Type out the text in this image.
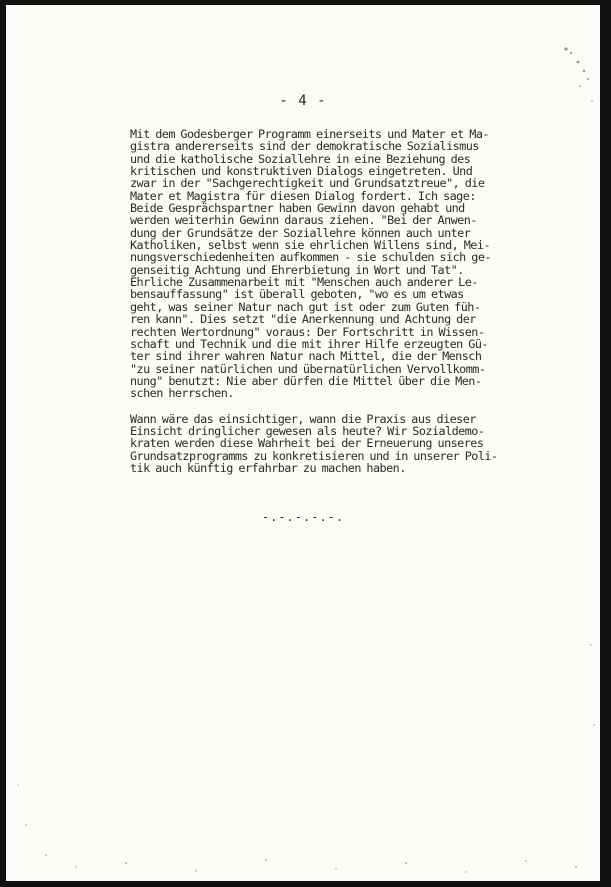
- 4 -
Mit dem Godesberger Programm einerseits und Mater et Ma-
gistra andererseits sind der demokratische Sozialismus
und die katholische Soziallehre in eine Beziehung des
kritischen und konstruktiven Dialogs eingetreten. Und
zwar in der "Sachgerechtigkeit und Grundsatztreue", die
Mater et Magistra für diesen Dialog fordert. Ich sage:
Beide Gesprächspartner haben Gewinn davon gehabt und
werden weiterhin Gewinn daraus ziehen. "Bei der Anwen-
dung der Grundsätze der Soziallehre können auch unter
Katholiken, selbst wenn sie ehrlichen Willens sind, Mei-
nungsverschiedenheiten aufkommen - sie schulden sich ge-
genseitig Achtung und Ehrerbietung in Wort und Tat".
Ehrliche Zusammenarbeit mit "Menschen auch anderer Le-
bensauffassung" ist überall geboten, "wo es um etwas
geht, was seiner Natur nach gut ist oder zum Guten füh-
ren kann". Dies setzt "die Anerkennung und Achtung der
rechten Wertordnung" voraus: Der Fortschritt in Wissen-
schaft und Technik und die mit ihrer Hilfe erzeugten Gü-
ter sind ihrer wahren Natur nach Mittel, die der Mensch
"zu seiner natürlichen und übernatürlichen Vervollkomm-
nung" benutzt: Nie aber dürfen die Mittel über die Men-
schen herrschen.
Wann wäre das einsichtiger, wann die Praxis aus dieser
Einsicht dringlicher gewesen als heute? Wir Sozialdemo-
kraten werden diese Wahrheit bei der Erneuerung unseres
Grundsatzprogramms zu konkretisieren und in unserer Poli-
tik auch künftig erfahrbar zu machen haben.
-.-.-.-.-.
